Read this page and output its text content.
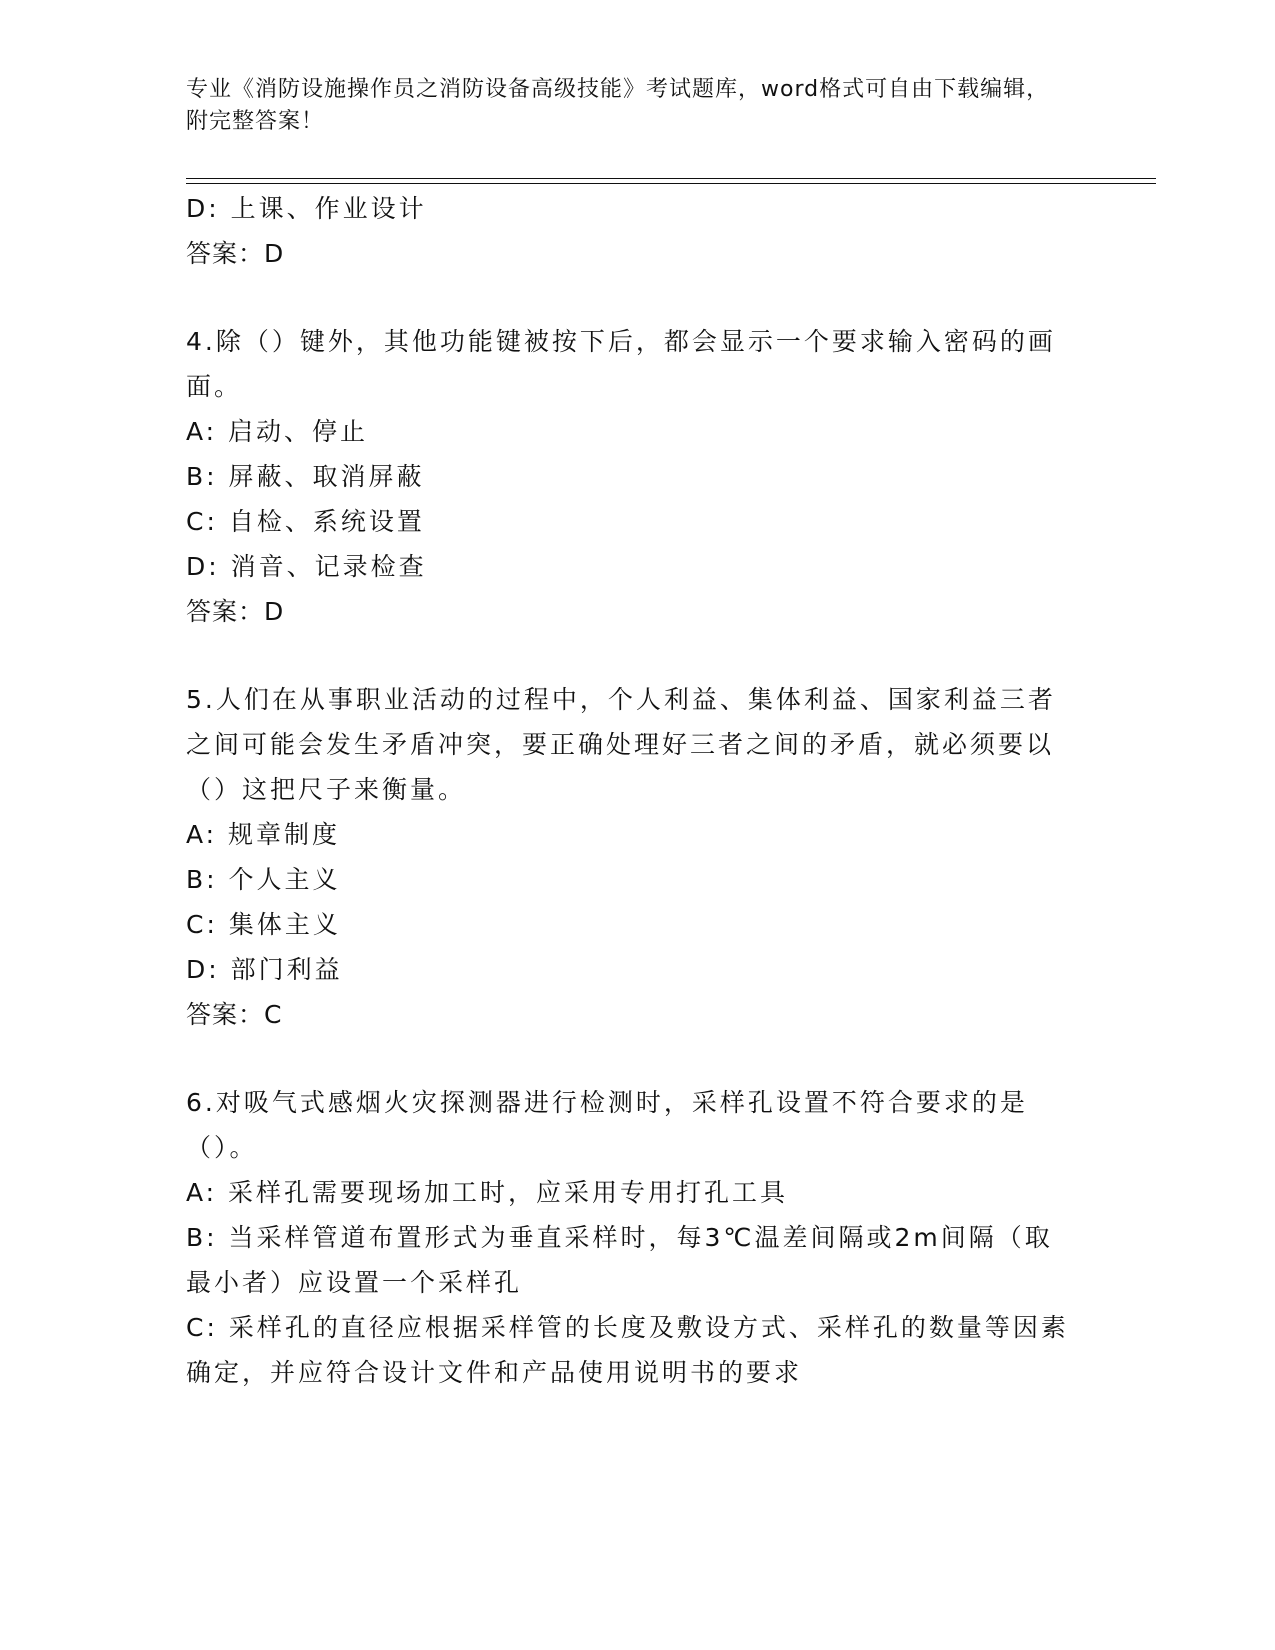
专业《消防设施操作员之消防设备高级技能》考试题库，word格式可自由下载编辑，附完整答案！

D: 上课、作业设计

答案：D

4.除（）键外，其他功能键被按下后，都会显示一个要求输入密码的画面。

A: 启动、停止

B: 屏蔽、取消屏蔽

C: 自检、系统设置

D: 消音、记录检查

答案：D

5.人们在从事职业活动的过程中，个人利益、集体利益、国家利益三者之间可能会发生矛盾冲突，要正确处理好三者之间的矛盾，就必须要以（）这把尺子来衡量。

A: 规章制度

B: 个人主义

C: 集体主义

D: 部门利益

答案：C

6.对吸气式感烟火灾探测器进行检测时，采样孔设置不符合要求的是（）。

A: 采样孔需要现场加工时，应采用专用打孔工具

B: 当采样管道布置形式为垂直采样时，每3℃温差间隔或2m间隔（取最小者）应设置一个采样孔

C: 采样孔的直径应根据采样管的长度及敷设方式、采样孔的数量等因素确定，并应符合设计文件和产品使用说明书的要求
